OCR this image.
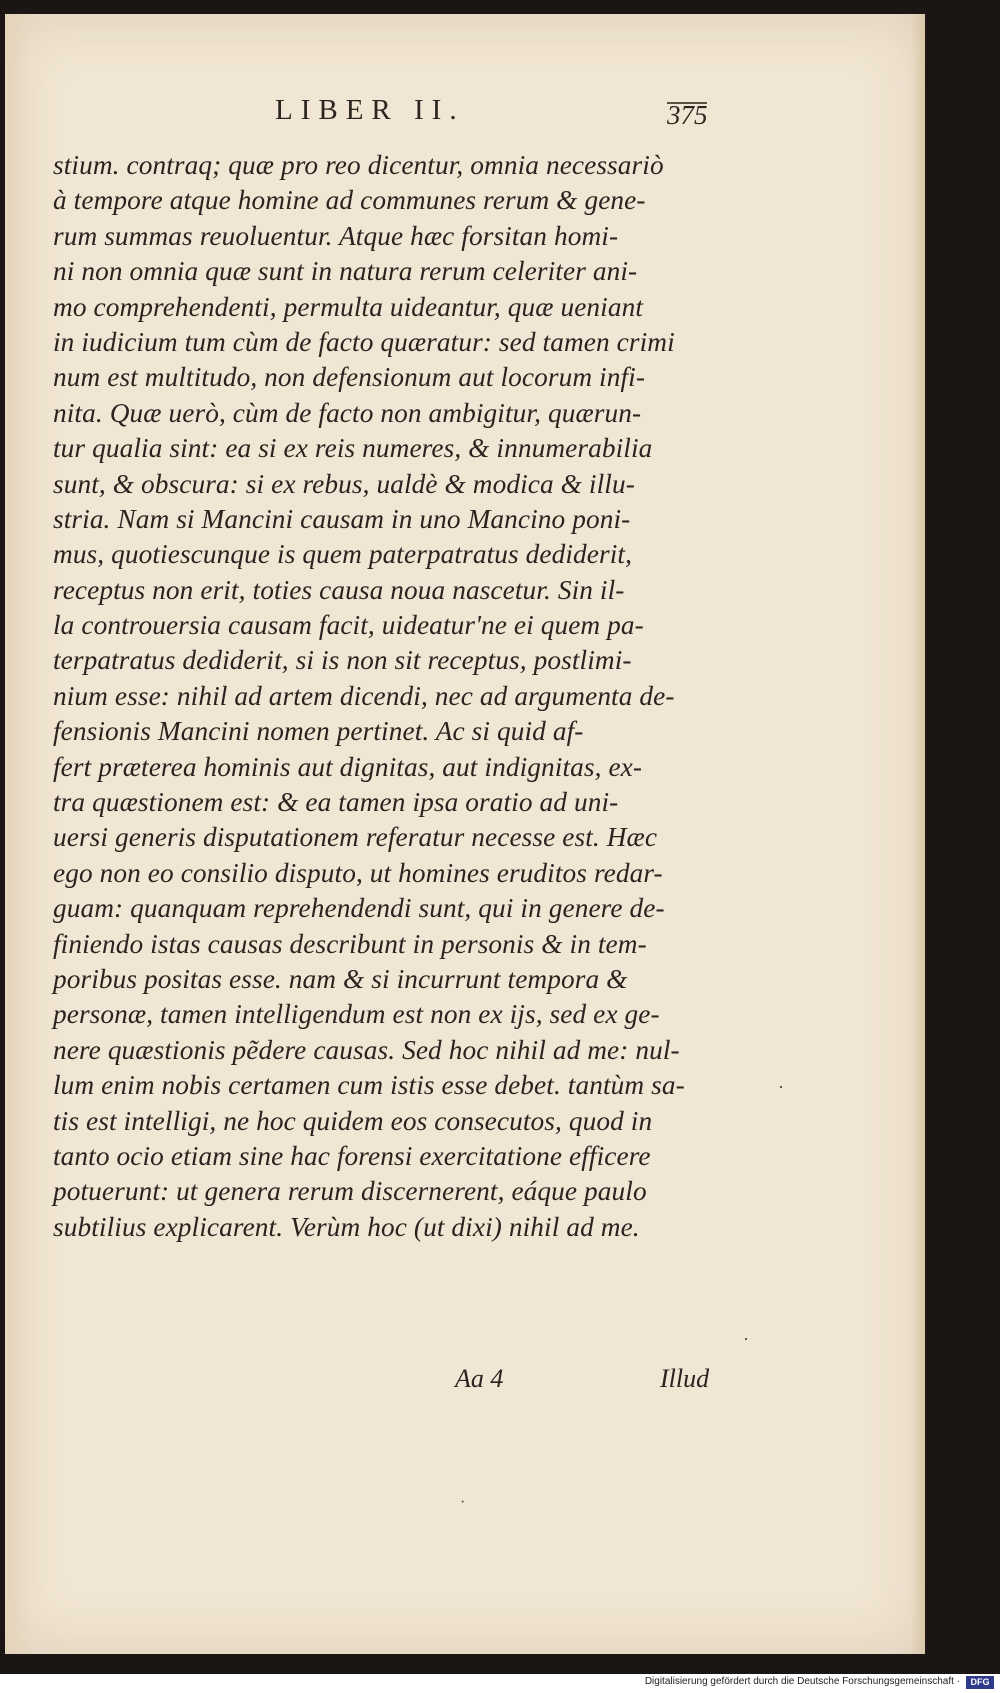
LIBER II.	375
stium. contraq; quæ pro reo dicentur, omnia necessariò
à tempore atque homine ad communes rerum & gene-
rum summas reuoluentur. Atque hæc forsitan homi-
ni non omnia quæ sunt in natura rerum celeriter ani-
mo comprehendenti, permulta uideantur, quæ ueniant
in iudicium tum cùm de facto quæratur: sed tamen crimi
num est multitudo, non defensionum aut locorum infi-
nita. Quæ uerò, cùm de facto non ambigitur, quærun-
tur qualia sint: ea si ex reis numeres, & innumerabilia
sunt, & obscura: si ex rebus, ualdè & modica & illu-
stria. Nam si Mancini causam in uno Mancino poni-
mus, quotiescunque is quem paterpatratus dediderit,
receptus non erit, toties causa noua nascetur. Sin il-
la controuersia causam facit, uideatur'ne ei quem pa-
terpatratus dediderit, si is non sit receptus, postlimi-
nium esse: nihil ad artem dicendi, nec ad argumenta de-
fensionis Mancini nomen pertinet. Ac si quid af-
fert præterea hominis aut dignitas, aut indignitas, ex-
tra quæstionem est: & ea tamen ipsa oratio ad uni-
uersi generis disputationem referatur necesse est. Hæc
ego non eo consilio disputo, ut homines eruditos redar-
guam: quanquam reprehendendi sunt, qui in genere de-
finiendo istas causas describunt in personis & in tem-
poribus positas esse. nam & si incurrunt tempora &
personæ, tamen intelligendum est non ex ijs, sed ex ge-
nere quæstionis pẽdere causas. Sed hoc nihil ad me: nul-
lum enim nobis certamen cum istis esse debet. tantùm sa-
tis est intelligi, ne hoc quidem eos consecutos, quod in
tanto ocio etiam sine hac forensi exercitatione efficere
potuerunt: ut genera rerum discernerent, eáque paulo
subtilius explicarent. Verùm hoc (ut dixi) nihil ad me.
Aa 4	Illud
·
·
·
Digitalisierung gefördert durch die Deutsche Forschungsgemeinschaft ·	DFG
